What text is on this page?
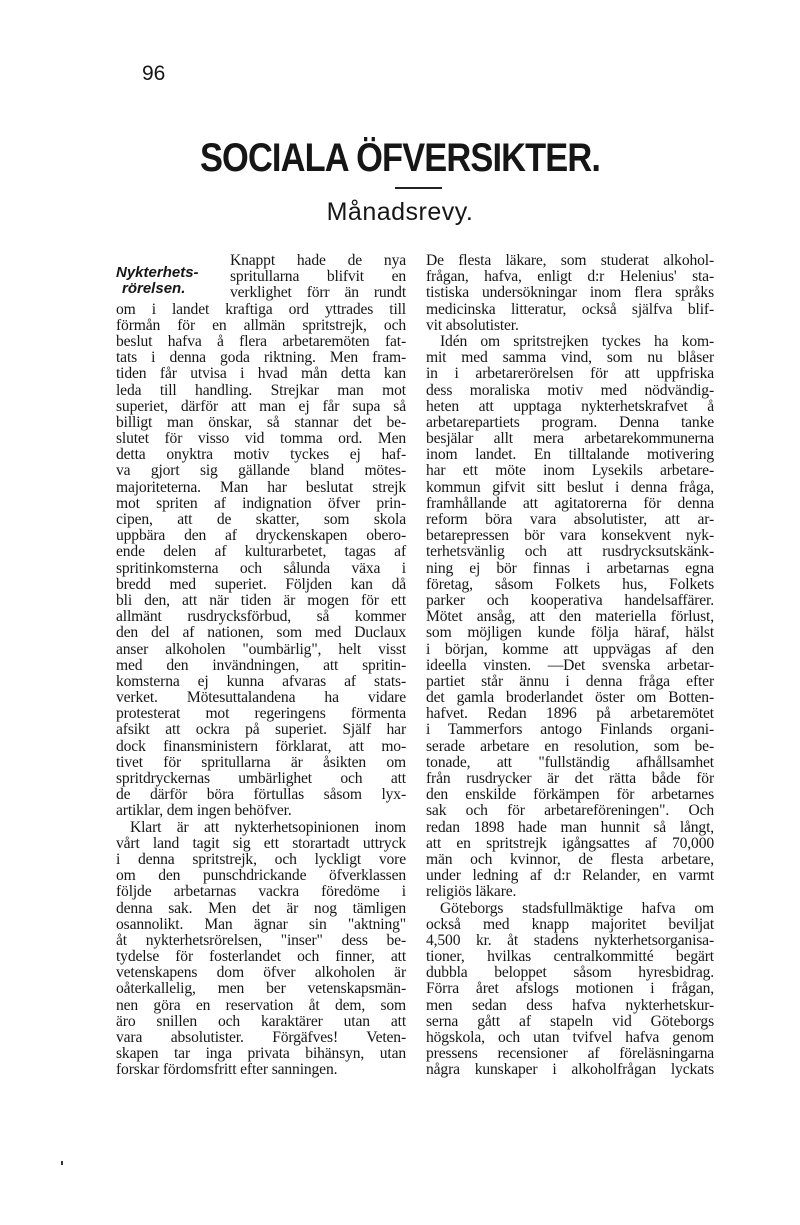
96
SOCIALA ÖFVERSIKTER.
Månadsrevy.
Nykterhets-
rörelsen.
Knappt hade de nya
spritullarna blifvit en
verklighet förr än rundt
om i landet kraftiga ord yttrades till
förmån för en allmän spritstrejk, och
beslut hafva å flera arbetaremöten fat-
tats i denna goda riktning. Men fram-
tiden får utvisa i hvad mån detta kan
leda till handling. Strejkar man mot
superiet, därför att man ej får supa så
billigt man önskar, så stannar det be-
slutet för visso vid tomma ord. Men
detta onyktra motiv tyckes ej haf-
va gjort sig gällande bland mötes-
majoriteterna. Man har beslutat strejk
mot spriten af indignation öfver prin-
cipen, att de skatter, som skola
uppbära den af dryckenskapen obero-
ende delen af kulturarbetet, tagas af
spritinkomsterna och sålunda växa i
bredd med superiet. Följden kan då
bli den, att när tiden är mogen för ett
allmänt rusdrycksförbud, så kommer
den del af nationen, som med Duclaux
anser alkoholen "oumbärlig", helt visst
med den invändningen, att spritin-
komsterna ej kunna afvaras af stats-
verket. Mötesuttalandena ha vidare
protesterat mot regeringens förmenta
afsikt att ockra på superiet. Själf har
dock finansministern förklarat, att mo-
tivet för spritullarna är åsikten om
spritdryckernas umbärlighet och att
de därför böra förtullas såsom lyx-
artiklar, dem ingen behöfver.
Klart är att nykterhetsopinionen inom
vårt land tagit sig ett storartadt uttryck
i denna spritstrejk, och lyckligt vore
om den punschdrickande öfverklassen
följde arbetarnas vackra föredöme i
denna sak. Men det är nog tämligen
osannolikt. Man ägnar sin "aktning"
åt nykterhetsrörelsen, "inser" dess be-
tydelse för fosterlandet och finner, att
vetenskapens dom öfver alkoholen är
oåterkallelig, men ber vetenskapsmän-
nen göra en reservation åt dem, som
äro snillen och karaktärer utan att
vara absolutister. Förgäfves! Veten-
skapen tar inga privata bihänsyn, utan
forskar fördomsfritt efter sanningen.
De flesta läkare, som studerat alkohol-
frågan, hafva, enligt d:r Helenius' sta-
tistiska undersökningar inom flera språks
medicinska litteratur, också själfva blif-
vit absolutister.
Idén om spritstrejken tyckes ha kom-
mit med samma vind, som nu blåser
in i arbetarerörelsen för att uppfriska
dess moraliska motiv med nödvändig-
heten att upptaga nykterhetskrafvet å
arbetarepartiets program. Denna tanke
besjälar allt mera arbetarekommunerna
inom landet. En tilltalande motivering
har ett möte inom Lysekils arbetare-
kommun gifvit sitt beslut i denna fråga,
framhållande att agitatorerna för denna
reform böra vara absolutister, att ar-
betarepressen bör vara konsekvent nyk-
terhetsvänlig och att rusdrycksutskänk-
ning ej bör finnas i arbetarnas egna
företag, såsom Folkets hus, Folkets
parker och kooperativa handelsaffärer.
Mötet ansåg, att den materiella förlust,
som möjligen kunde följa häraf, hälst
i början, komme att uppvägas af den
ideella vinsten. —Det svenska arbetar-
partiet står ännu i denna fråga efter
det gamla broderlandet öster om Botten-
hafvet. Redan 1896 på arbetaremötet
i Tammerfors antogo Finlands organi-
serade arbetare en resolution, som be-
tonade, att "fullständig afhållsamhet
från rusdrycker är det rätta både för
den enskilde förkämpen för arbetarnes
sak och för arbetareföreningen". Och
redan 1898 hade man hunnit så långt,
att en spritstrejk igångsattes af 70,000
män och kvinnor, de flesta arbetare,
under ledning af d:r Relander, en varmt
religiös läkare.
Göteborgs stadsfullmäktige hafva om
också med knapp majoritet beviljat
4,500 kr. åt stadens nykterhetsorganisa-
tioner, hvilkas centralkommitté begärt
dubbla beloppet såsom hyresbidrag.
Förra året afslogs motionen i frågan,
men sedan dess hafva nykterhetskur-
serna gått af stapeln vid Göteborgs
högskola, och utan tvifvel hafva genom
pressens recensioner af föreläsningarna
några kunskaper i alkoholfrågan lyckats
